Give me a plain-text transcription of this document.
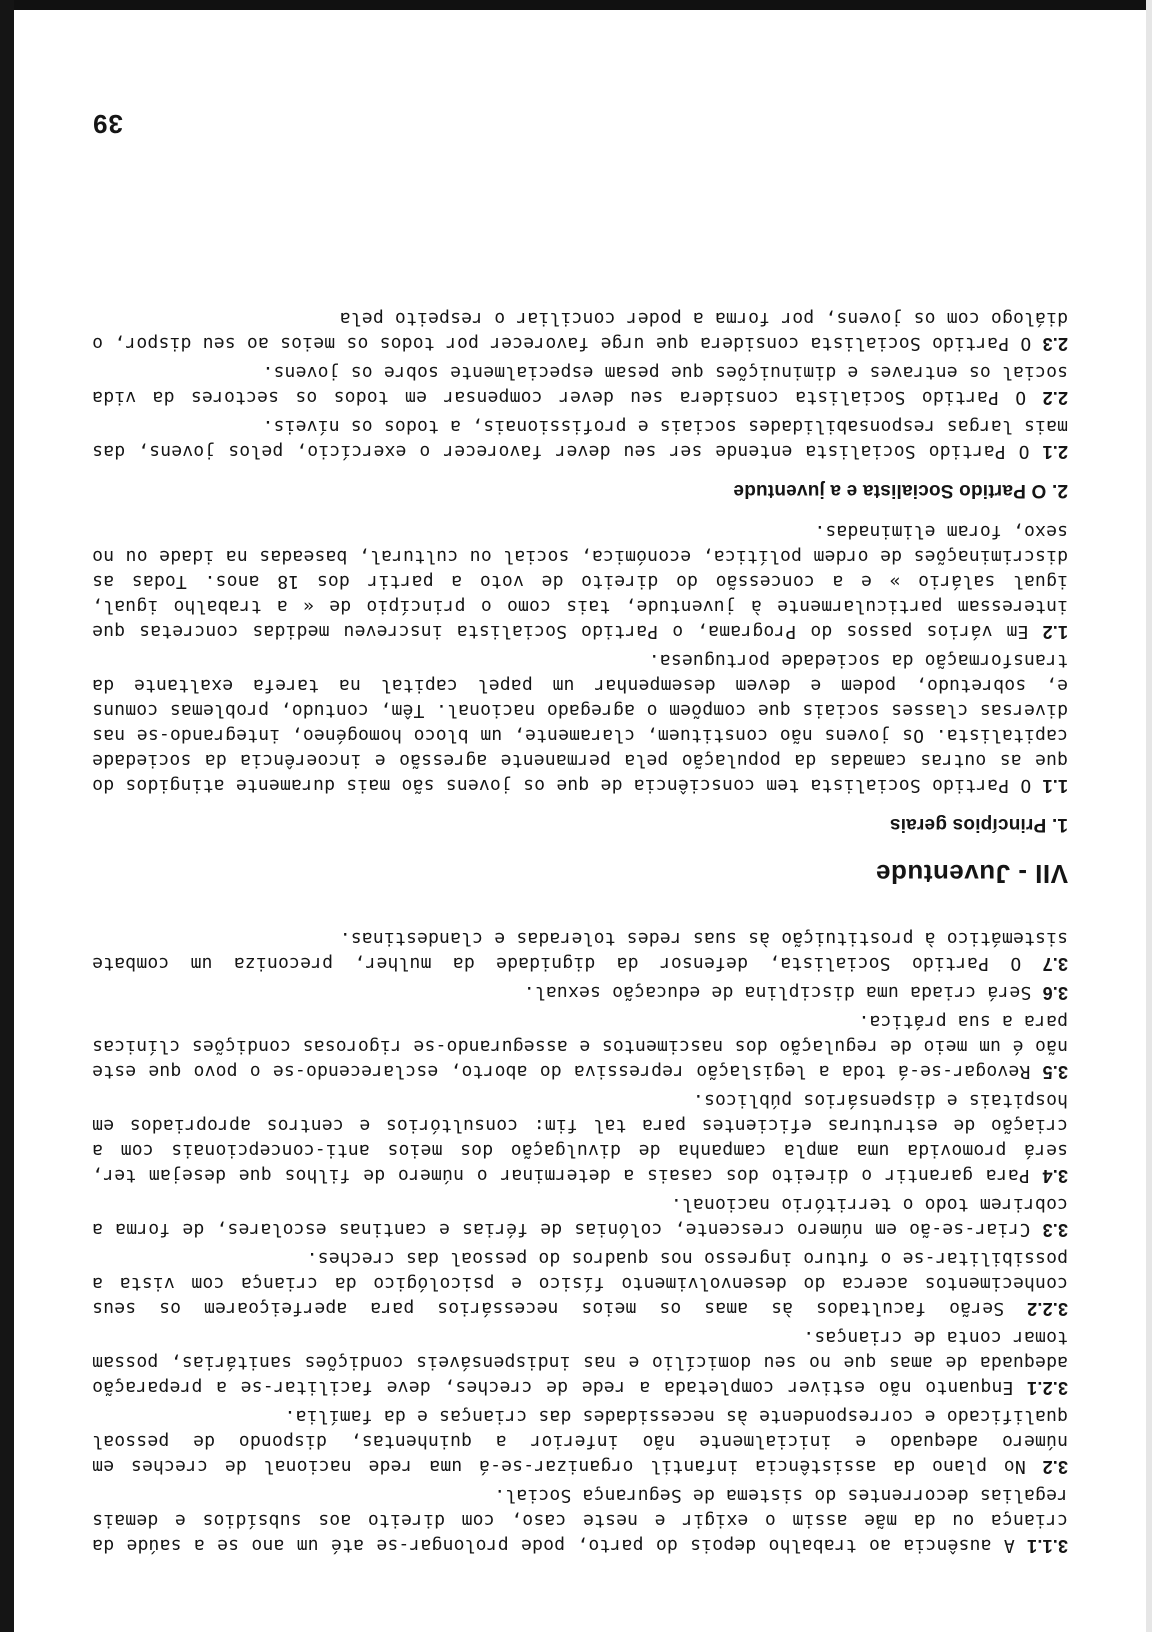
3.1.1 A ausência ao trabalho depois do parto, pode prolongar-se até um ano se a saúde da criança ou da mãe assim o exigir e neste caso, com direito aos subsídios e demais regalias decorrentes do sistema de Segurança Social.
3.2 No plano da assistência infantil organizar-se-á uma rede nacional de creches em número adequado e inicialmente não inferior a quinhentas, dispondo de pessoal qualificado e correspondente às necessidades das crianças e da família.
3.2.1 Enquanto não estiver completada a rede de creches, deve facilitar-se a preparação adequada de amas que no seu domicílio e nas indispensáveis condições sanitárias, possam tomar conta de crianças.
3.2.2 Serão facultados às amas os meios necessários para aperfeiçoarem os seus conhecimentos acerca do desenvolvimento físico e psicológico da criança com vista a possibilitar-se o futuro ingresso nos quadros do pessoal das creches.
3.3 Criar-se-ão em número crescente, colónias de férias e cantinas escolares, de forma a cobrirem todo o território nacional.
3.4 Para garantir o direito dos casais a determinar o número de filhos que desejam ter, será promovida uma ampla campanha de divulgação dos meios anti-concepcionais com a criação de estruturas eficientes para tal fim: consultórios e centros apropriados em hospitais e dispensários públicos.
3.5 Revogar-se-á toda a legislação repressiva do aborto, esclarecendo-se o povo que este não é um meio de regulação dos nascimentos e assegurando-se rigorosas condições clínicas para a sua prática.
3.6 Será criada uma disciplina de educação sexual.
3.7 O Partido Socialista, defensor da dignidade da mulher, preconiza um combate sistemático à prostituição às suas redes toleradas e clandestinas.
VII - Juventude
1. Princípios gerais
1.1 O Partido Socialista tem consciência de que os jovens são mais duramente atingidos do que as outras camadas da população pela permanente agressão e incoerência da sociedade capitalista. Os jovens não constituem, claramente, um bloco homogéneo, integrando-se nas diversas classes sociais que compõem o agregado nacional. Têm, contudo, problemas comuns e, sobretudo, podem e devem desempenhar um papel capital na tarefa exaltante da transformação da sociedade portuguesa.
1.2 Em vários passos do Programa, o Partido Socialista inscreveu medidas concretas que interessam particularmente à juventude, tais como o princípio de « a trabalho igual, igual salário » e a concessão do direito de voto a partir dos 18 anos. Todas as discriminações de ordem política, económica, social ou cultural, baseadas na idade ou no sexo, foram eliminadas.
2. O Partido Socialista e a juventude
2.1 O Partido Socialista entende ser seu dever favorecer o exercício, pelos jovens, das mais largas responsabilidades sociais e profissionais, a todos os níveis.
2.2 O Partido Socialista considera seu dever compensar em todos os sectores da vida social os entraves e diminuições que pesam especialmente sobre os jovens.
2.3 O Partido Socialista considera que urge favorecer por todos os meios ao seu dispor, o diálogo com os jovens, por forma a poder conciliar o respeito pela
39
